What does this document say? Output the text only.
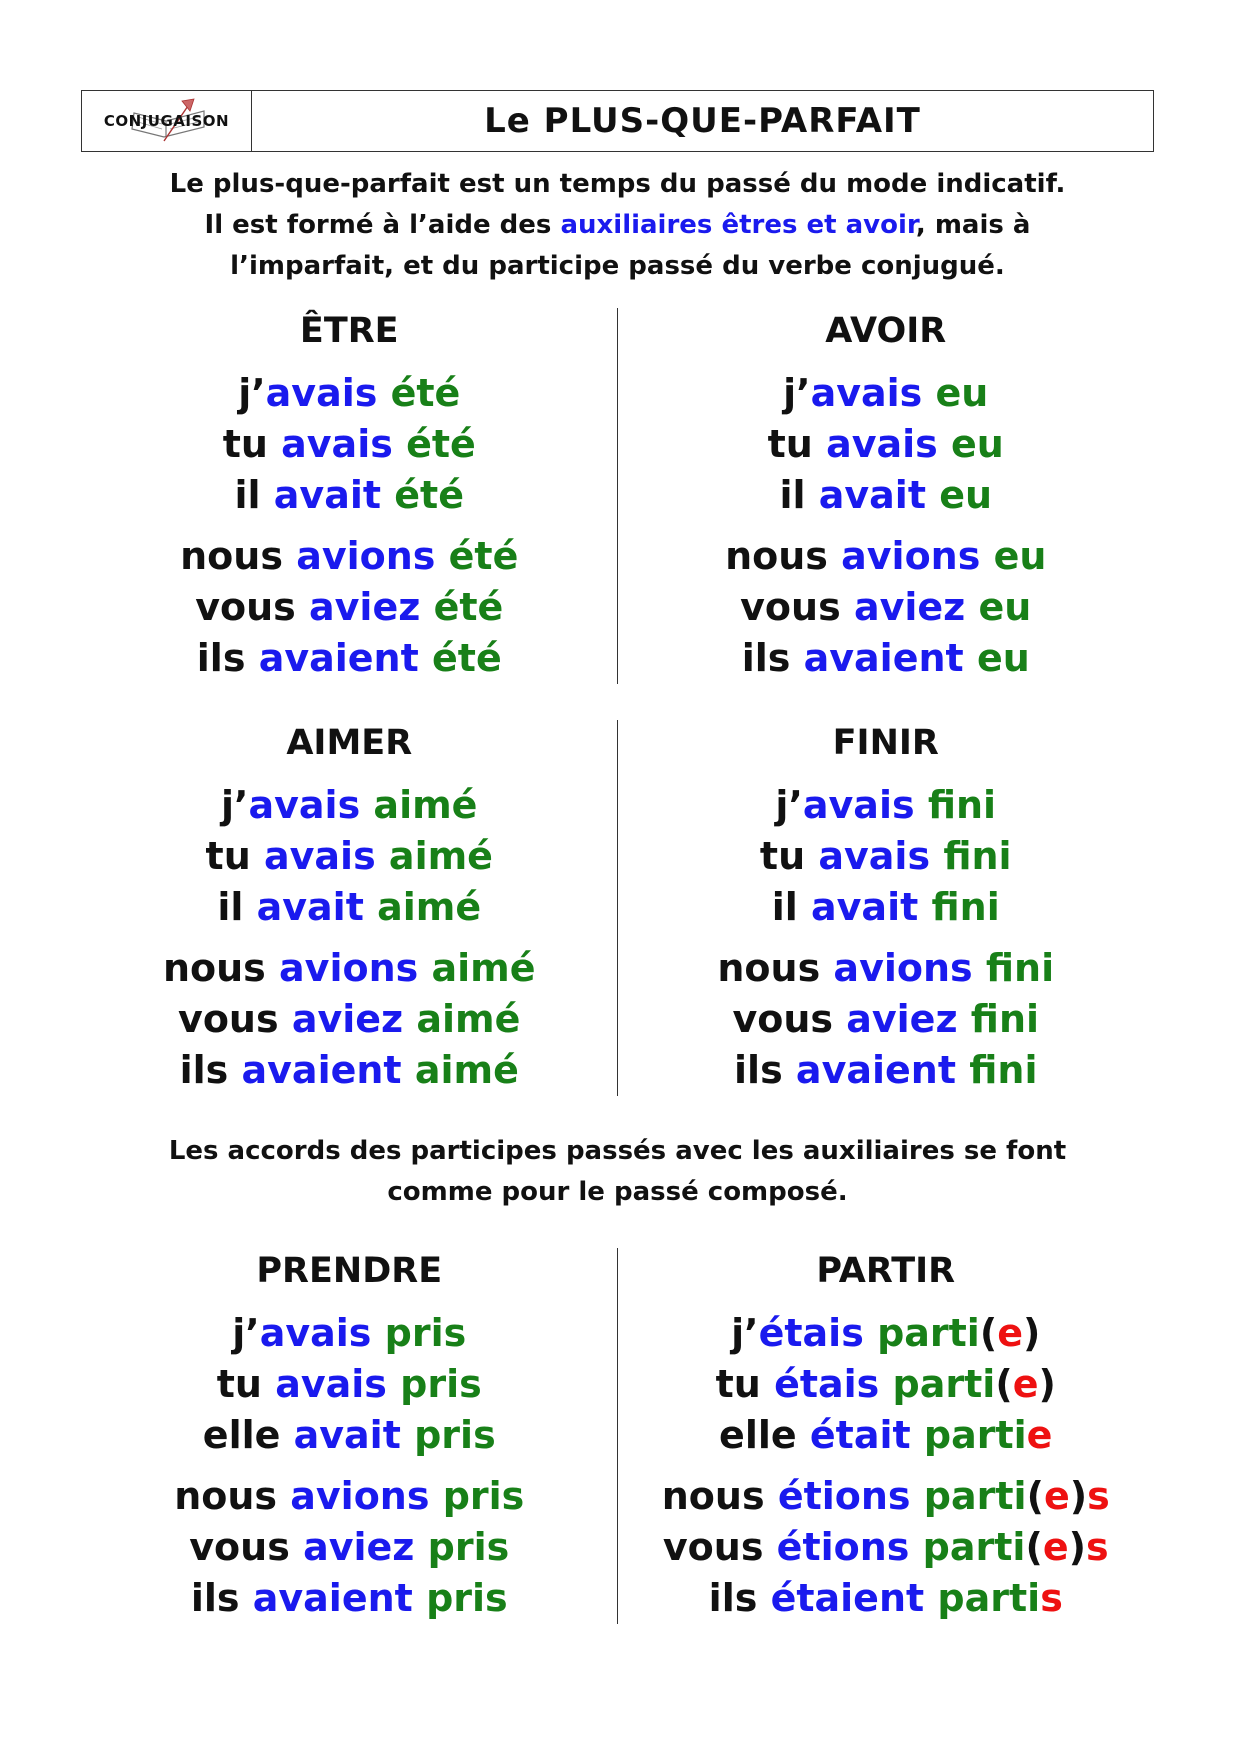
CONJUGAISON	Le PLUS-QUE-PARFAIT
Le plus-que-parfait est un temps du passé du mode indicatif.
Il est formé à l’aide des auxiliaires êtres et avoir, mais à
l’imparfait, et du participe passé du verbe conjugué.
ÊTRE
j’avais été
tu avais été
il avait été
nous avions été
vous aviez été
ils avaient été
AVOIR
j’avais eu
tu avais eu
il avait eu
nous avions eu
vous aviez eu
ils avaient eu
AIMER
j’avais aimé
tu avais aimé
il avait aimé
nous avions aimé
vous aviez aimé
ils avaient aimé
FINIR
j’avais fini
tu avais fini
il avait fini
nous avions fini
vous aviez fini
ils avaient fini
Les accords des participes passés avec les auxiliaires se font
comme pour le passé composé.
PRENDRE
j’avais pris
tu avais pris
elle avait pris
nous avions pris
vous aviez pris
ils avaient pris
PARTIR
j’étais parti(e)
tu étais parti(e)
elle était partie
nous étions parti(e)s
vous étions parti(e)s
ils étaient partis
